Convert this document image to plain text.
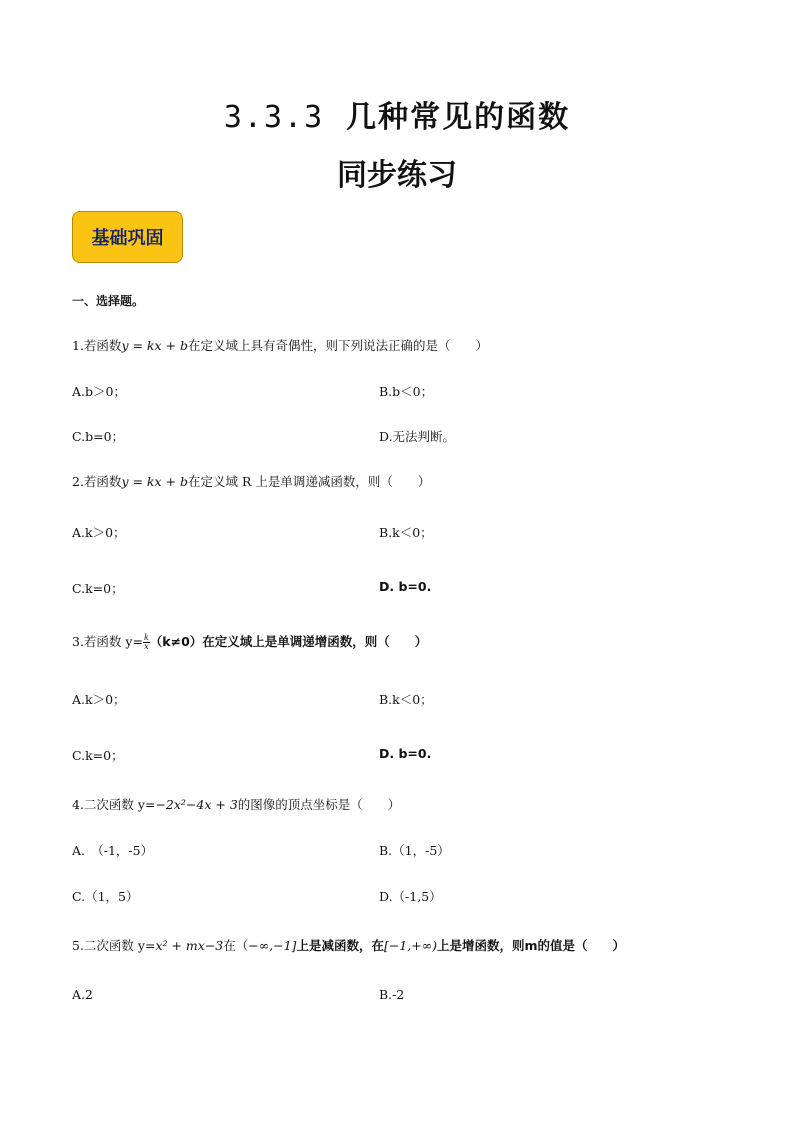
3.3.3 几种常见的函数
同步练习
基础巩固
一、选择题。
1.若函数y = kx + b在定义域上具有奇偶性，则下列说法正确的是（　　）
A.b＞0；	B.b＜0；
C.b=0；	D.无法判断。
2.若函数y = kx + b在定义域 R 上是单调递减函数，则（　　）
A.k＞0；	B.k＜0；
C.k=0；	D. b=0.
3.若函数 $y= \frac{k}{x} (k\ne 0)$在定义域上是单调递增函数，则（　　）
A.k＞0；	B.k＜0；
C.k=0；	D. b=0.
4.二次函数 y=−2x²−4x + 3的图像的顶点坐标是（　　）
A.　（-1，-5）	B.（1，-5）
C.（1，5）	D.（-1,5）
5.二次函数 y=x² + mx−3在（−∞,−1]上是减函数，在[−1,+∞)上是增函数，则m的值是（　　）
A.2	B.-2
